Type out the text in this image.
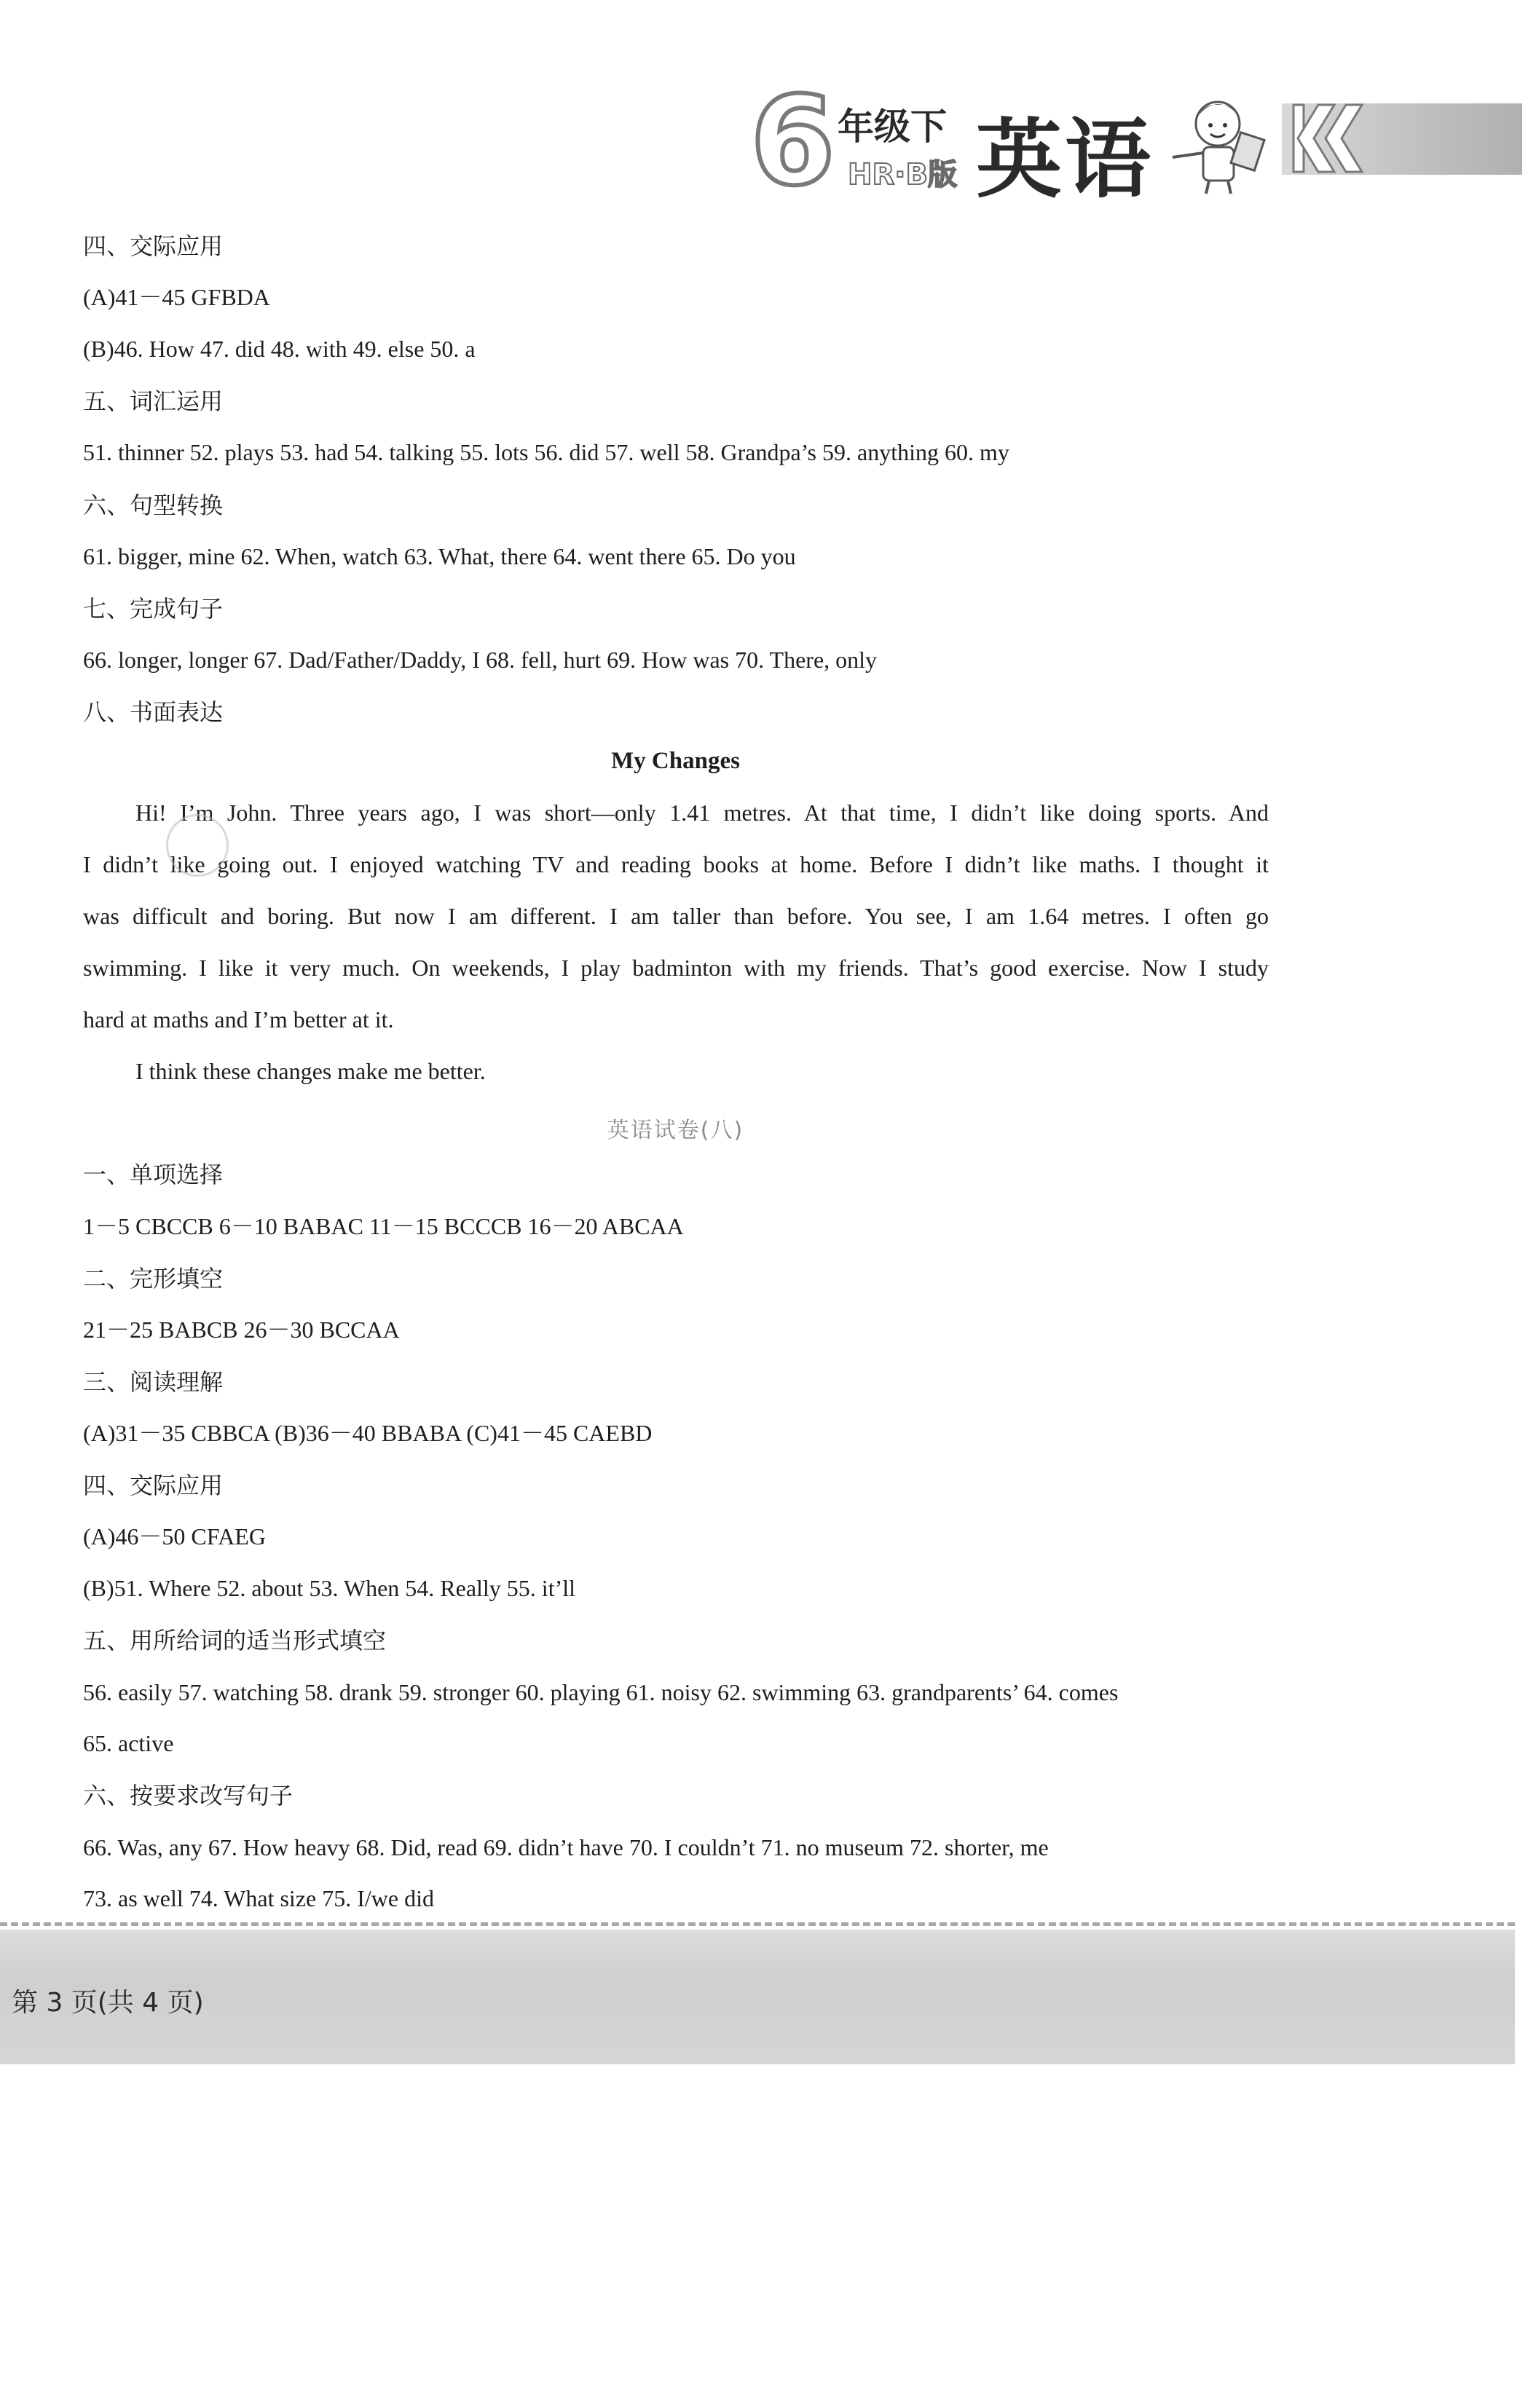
6 年级下
HR·B版 英语
四、交际应用
(A)41－45 GFBDA
(B)46. How 47. did 48. with 49. else 50. a
五、词汇运用
51. thinner 52. plays 53. had 54. talking 55. lots 56. did 57. well 58. Grandpa’s 59. anything 60. my
六、句型转换
61. bigger, mine 62. When, watch 63. What, there 64. went there 65. Do you
七、完成句子
66. longer, longer 67. Dad/Father/Daddy, I 68. fell, hurt 69. How was 70. There, only
八、书面表达
My Changes
Hi! I’m John. Three years ago, I was short—only 1.41 metres. At that time, I didn’t like doing sports. And
I didn’t like going out. I enjoyed watching TV and reading books at home. Before I didn’t like maths. I thought it
was difficult and boring. But now I am different. I am taller than before. You see, I am 1.64 metres. I often go
swimming. I like it very much. On weekends, I play badminton with my friends. That’s good exercise. Now I study
hard at maths and I’m better at it.
I think these changes make me better.
英语试卷(八)
一、单项选择
1－5 CBCCB 6－10 BABAC 11－15 BCCCB 16－20 ABCAA
二、完形填空
21－25 BABCB 26－30 BCCAA
三、阅读理解
(A)31－35 CBBCA (B)36－40 BBABA (C)41－45 CAEBD
四、交际应用
(A)46－50 CFAEG
(B)51. Where 52. about 53. When 54. Really 55. it’ll
五、用所给词的适当形式填空
56. easily 57. watching 58. drank 59. stronger 60. playing 61. noisy 62. swimming 63. grandparents’ 64. comes
65. active
六、按要求改写句子
66. Was, any 67. How heavy 68. Did, read 69. didn’t have 70. I couldn’t 71. no museum 72. shorter, me
73. as well 74. What size 75. I/we did
第 3 页(共 4 页)
